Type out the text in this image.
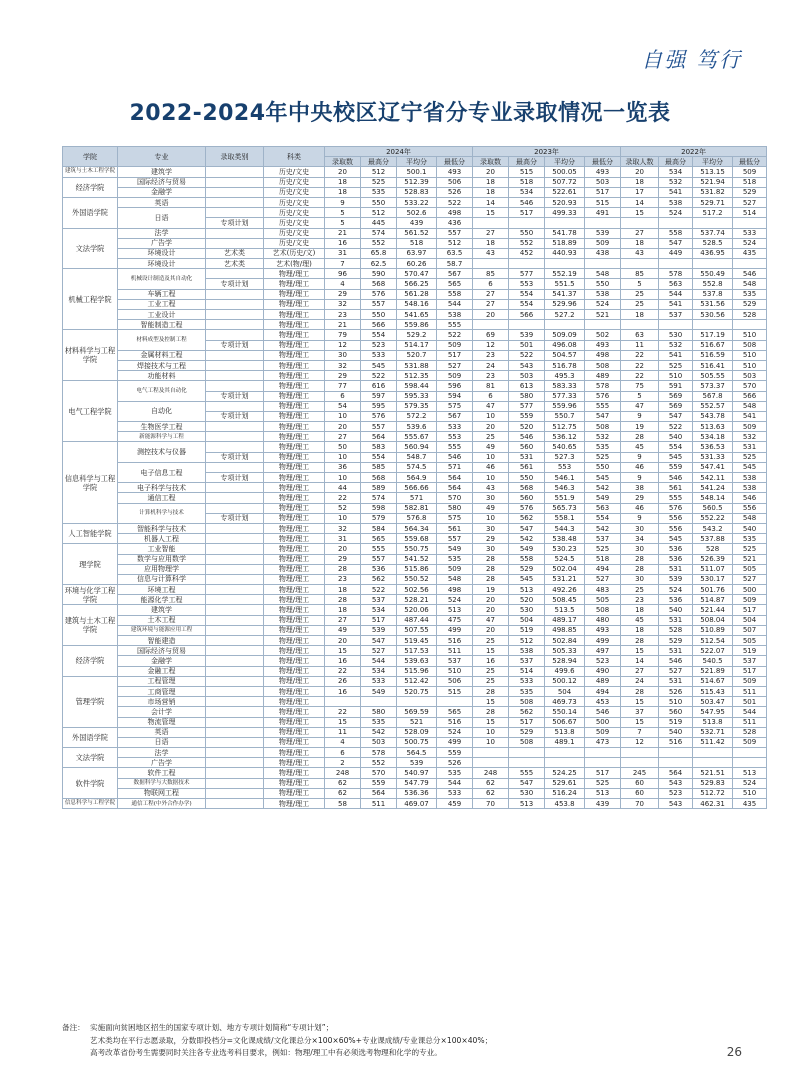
自强 笃行
2022-2024年中央校区辽宁省分专业录取情况一览表
学院	专业	录取类别	科类	2024年				2023年				2022年			
				录取数	最高分	平均分	最低分	录取数	最高分	平均分	最低分	录取人数	最高分	平均分	最低分
建筑与土木工程学院	建筑学		历史/文史	20	512	500.1	493	20	515	500.05	493	20	534	513.15	509
经济学院	国际经济与贸易		历史/文史	18	525	512.39	506	18	518	507.72	503	18	532	521.94	518
	金融学		历史/文史	18	535	528.83	526	18	534	522.61	517	17	541	531.82	529
外国语学院	英语		历史/文史	9	550	533.22	522	14	546	520.93	515	14	538	529.71	527
	日语		历史/文史	5	512	502.6	498	15	517	499.33	491	15	524	517.2	514
		专项计划	历史/文史	5	445	439	436								
文法学院	法学		历史/文史	21	574	561.52	557	27	550	541.78	539	27	558	537.74	533
	广告学		历史/文史	16	552	518	512	18	552	518.89	509	18	547	528.5	524
	环境设计	艺术类	艺术(历史/文)	31	65.8	63.97	63.5	43	452	440.93	438	43	449	436.95	435
	环境设计	艺术类	艺术(物/理)	7	62.5	60.26	58.7								
机械工程学院	机械设计制造及其自动化		物理/理工	96	590	570.47	567	85	577	552.19	548	85	578	550.49	546
		专项计划	物理/理工	4	568	566.25	565	6	553	551.5	550	5	563	552.8	548
	车辆工程		物理/理工	29	576	561.28	558	27	554	541.37	538	25	544	537.8	535
	工业工程		物理/理工	32	557	548.16	544	27	554	529.96	524	25	541	531.56	529
	工业设计		物理/理工	23	550	541.65	538	20	566	527.2	521	18	537	530.56	528
	智能制造工程		物理/理工	21	566	559.86	555								
材料科学与工程学院	材料成型及控制工程		物理/理工	79	554	529.2	522	69	539	509.09	502	63	530	517.19	510
		专项计划	物理/理工	12	523	514.17	509	12	501	496.08	493	11	532	516.67	508
	金属材料工程		物理/理工	30	533	520.7	517	23	522	504.57	498	22	541	516.59	510
	焊接技术与工程		物理/理工	32	545	531.88	527	24	543	516.78	508	22	525	516.41	510
	功能材料		物理/理工	29	522	512.35	509	23	503	495.3	489	22	510	505.55	503
电气工程学院	电气工程及其自动化		物理/理工	77	616	598.44	596	81	613	583.33	578	75	591	573.37	570
		专项计划	物理/理工	6	597	595.33	594	6	580	577.33	576	5	569	567.8	566
	自动化		物理/理工	54	595	579.35	575	47	577	559.96	555	47	569	552.57	548
		专项计划	物理/理工	10	576	572.2	567	10	559	550.7	547	9	547	543.78	541
	生物医学工程		物理/理工	20	557	539.6	533	20	520	512.75	508	19	522	513.63	509
	新能源科学与工程		物理/理工	27	564	555.67	553	25	546	536.12	532	28	540	534.18	532
信息科学与工程学院	测控技术与仪器		物理/理工	50	583	560.94	555	49	560	540.65	535	45	554	536.53	531
		专项计划	物理/理工	10	554	548.7	546	10	531	527.3	525	9	545	531.33	525
	电子信息工程		物理/理工	36	585	574.5	571	46	561	553	550	46	559	547.41	545
		专项计划	物理/理工	10	568	564.9	564	10	550	546.1	545	9	546	542.11	538
	电子科学与技术		物理/理工	44	589	566.66	564	43	568	546.3	542	38	561	541.24	538
	通信工程		物理/理工	22	574	571	570	30	560	551.9	549	29	555	548.14	546
	计算机科学与技术		物理/理工	52	598	582.81	580	49	576	565.73	563	46	576	560.5	556
		专项计划	物理/理工	10	579	576.8	575	10	562	558.1	554	9	556	552.22	548
人工智能学院	智能科学与技术		物理/理工	32	584	564.34	561	30	547	544.3	542	30	556	543.2	540
	机器人工程		物理/理工	31	565	559.68	557	29	542	538.48	537	34	545	537.88	535
理学院	工业智能		物理/理工	20	555	550.75	549	30	549	530.23	525	30	536	528	525
	数学与应用数学		物理/理工	29	557	541.52	535	28	558	524.5	518	28	536	526.39	521
	应用物理学		物理/理工	28	536	515.86	509	28	529	502.04	494	28	531	511.07	505
	信息与计算科学		物理/理工	23	562	550.52	548	28	545	531.21	527	30	539	530.17	527
环境与化学工程学院	环境工程		物理/理工	18	522	502.56	498	19	513	492.26	483	25	524	501.76	500
	能源化学工程		物理/理工	28	537	528.21	524	20	520	508.45	505	23	536	514.87	509
建筑与土木工程学院	建筑学		物理/理工	18	534	520.06	513	20	530	513.5	508	18	540	521.44	517
	土木工程		物理/理工	27	517	487.44	475	47	504	489.17	480	45	531	508.04	504
	建筑环境与能源应用工程		物理/理工	49	539	507.55	499	20	519	498.85	493	18	528	510.89	507
	智能建造		物理/理工	20	547	519.45	516	25	512	502.84	499	28	529	512.54	505
经济学院	国际经济与贸易		物理/理工	15	527	517.53	511	15	538	505.33	497	15	531	522.07	519
	金融学		物理/理工	16	544	539.63	537	16	537	528.94	523	14	546	540.5	537
	金融工程		物理/理工	22	534	515.96	510	25	514	499.6	490	27	527	521.89	517
管理学院	工程管理		物理/理工	26	533	512.42	506	25	533	500.12	489	24	531	514.67	509
	工商管理		物理/理工	16	549	520.75	515	28	535	504	494	28	526	515.43	511
	市场营销		物理/理工					15	508	469.73	453	15	510	503.47	501
	会计学		物理/理工	22	580	569.59	565	28	562	550.14	546	37	560	547.95	544
	物流管理		物理/理工	15	535	521	516	15	517	506.67	500	15	519	513.8	511
外国语学院	英语		物理/理工	11	542	528.09	524	10	529	513.8	509	7	540	532.71	528
	日语		物理/理工	4	503	500.75	499	10	508	489.1	473	12	516	511.42	509
文法学院	法学		物理/理工	6	578	564.5	559								
	广告学		物理/理工	2	552	539	526								
软件学院	软件工程		物理/理工	248	570	540.97	535	248	555	524.25	517	245	564	521.51	513
	数据科学与大数据技术		物理/理工	62	559	547.79	544	62	547	529.61	525	60	543	529.83	524
	物联网工程		物理/理工	62	564	536.36	533	62	530	516.24	513	60	523	512.72	510
信息科学与工程学院	通信工程(中外合作办学)		物理/理工	58	511	469.07	459	70	513	453.8	439	70	543	462.31	435
备注： 实施面向贫困地区招生的国家专项计划、地方专项计划简称“专项计划”；
艺术类均在平行志愿录取，分数即投档分=文化课成绩/文化课总分×100×60%+专业课成绩/专业课总分×100×40%；
高考改革省份考生需要同时关注各专业选考科目要求，例如：物理/理工中有必须选考物理和化学的专业。	26
